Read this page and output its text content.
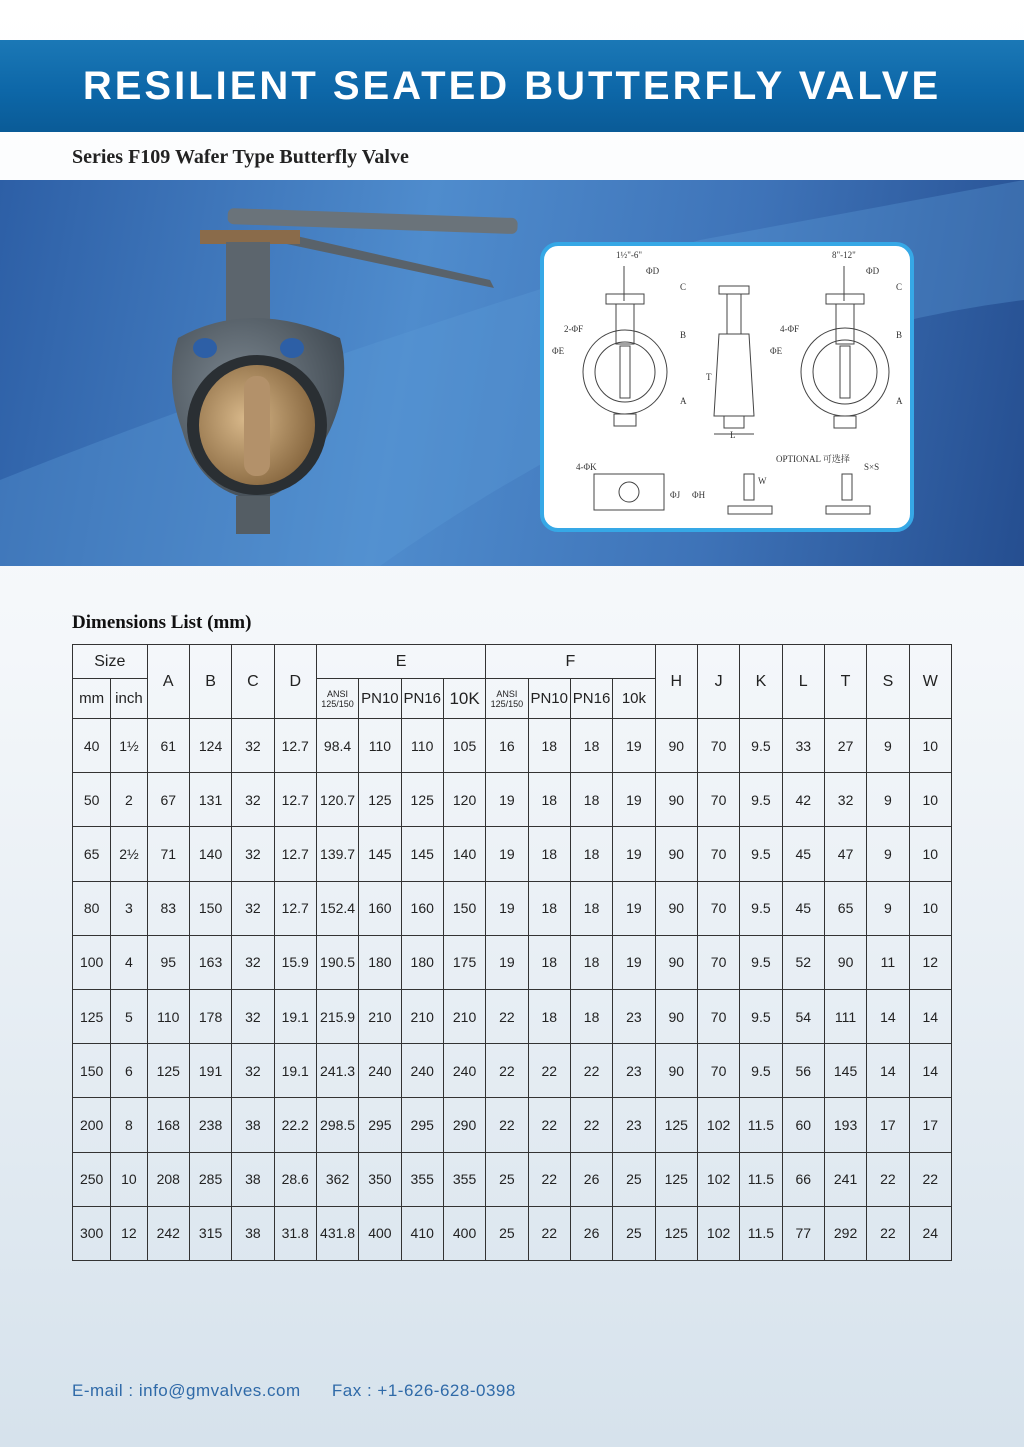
RESILIENT SEATED BUTTERFLY VALVE
Series F109 Wafer Type Butterfly Valve
1½"-6"	8"-12"
ΦD	ΦD
C	C
B	B
A	A
2-ΦF	4-ΦF
ΦE	ΦE
T
L
OPTIONAL 可选择
4-ΦK
ΦJ ΦH
W
S×S
Dimensions List (mm)
Size		A	B	C	D	E				F				H	J	K	L	T	S	W
mm	inch					ANSI 125/150	PN10	PN16	10K	ANSI 125/150	PN10	PN16	10k							
40	1½	61	124	32	12.7	98.4	110	110	105	16	18	18	19	90	70	9.5	33	27	9	10
50	2	67	131	32	12.7	120.7	125	125	120	19	18	18	19	90	70	9.5	42	32	9	10
65	2½	71	140	32	12.7	139.7	145	145	140	19	18	18	19	90	70	9.5	45	47	9	10
80	3	83	150	32	12.7	152.4	160	160	150	19	18	18	19	90	70	9.5	45	65	9	10
100	4	95	163	32	15.9	190.5	180	180	175	19	18	18	19	90	70	9.5	52	90	11	12
125	5	110	178	32	19.1	215.9	210	210	210	22	18	18	23	90	70	9.5	54	111	14	14
150	6	125	191	32	19.1	241.3	240	240	240	22	22	22	23	90	70	9.5	56	145	14	14
200	8	168	238	38	22.2	298.5	295	295	290	22	22	22	23	125	102	11.5	60	193	17	17
250	10	208	285	38	28.6	362	350	355	355	25	22	26	25	125	102	11.5	66	241	22	22
300	12	242	315	38	31.8	431.8	400	410	400	25	22	26	25	125	102	11.5	77	292	22	24
E-mail : info@gmvalves.com Fax : +1-626-628-0398
